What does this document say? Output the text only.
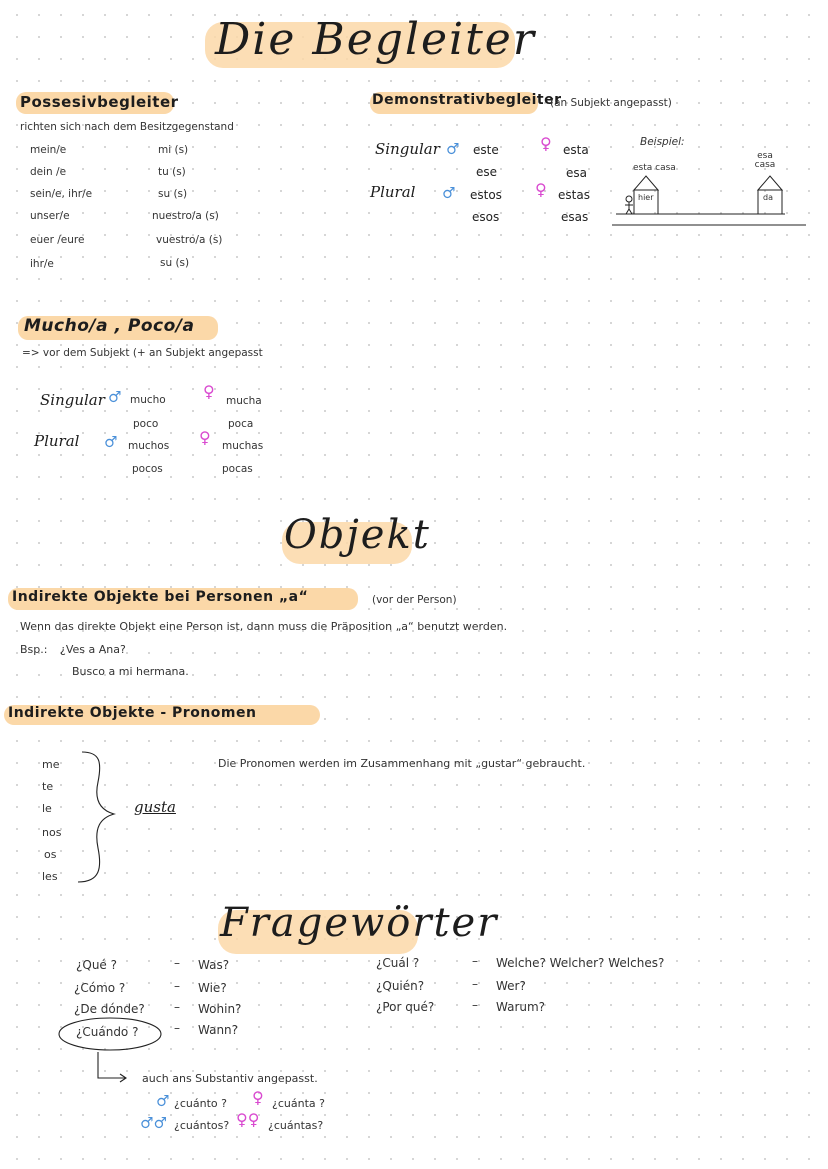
Die Begleiter
Possesivbegleiter
richten sich nach dem Besitzgegenstand
mein/e	mi (s)
dein /e	tu (s)
sein/e, ihr/e	su (s)
unser/e	nuestro/a (s)
euer /eure	vuestro/a (s)
ihr/e	su (s)
Demonstrativbegleiter
(an Subjekt angepasst)
Singular ♂ este
ese
♀ esta
esa
Plural ♂ estos
esos
♀ estas
esas
Beispiel:
esta casa
esa casa
hier	da
Mucho/a , Poco/a
=> vor dem Subjekt (+ an Subjekt angepasst
Singular ♂ mucho
poco
♀ mucha
poca
Plural ♂ muchos
pocos
♀ muchas
pocas
Objekt
Indirekte Objekte bei Personen „a“	(vor der Person)
Wenn das direkte Objekt eine Person ist, dann muss die Präposition „a“ benutzt werden.
Bsp.: ¿Ves a Ana?
Busco a mi hermana.
Indirekte Objekte - Pronomen
me
te
le
nos
os
les
gusta
Die Pronomen werden im Zusammenhang mit „gustar“ gebraucht.
Fragewörter
¿Qué ?	– Was?
¿Cómo ?	– Wie?
¿De dónde? – Wohin?
¿Cuándo ?	– Wann?
¿Cuál ?	– Welche? Welcher? Welches?
¿Quién?	– Wer?
¿Por qué?	– Warum?
auch ans Substantiv angepasst.
♂ ¿cuánto ? ♀ ¿cuánta ?
♂♂ ¿cuántos? ♀♀ ¿cuántas?
